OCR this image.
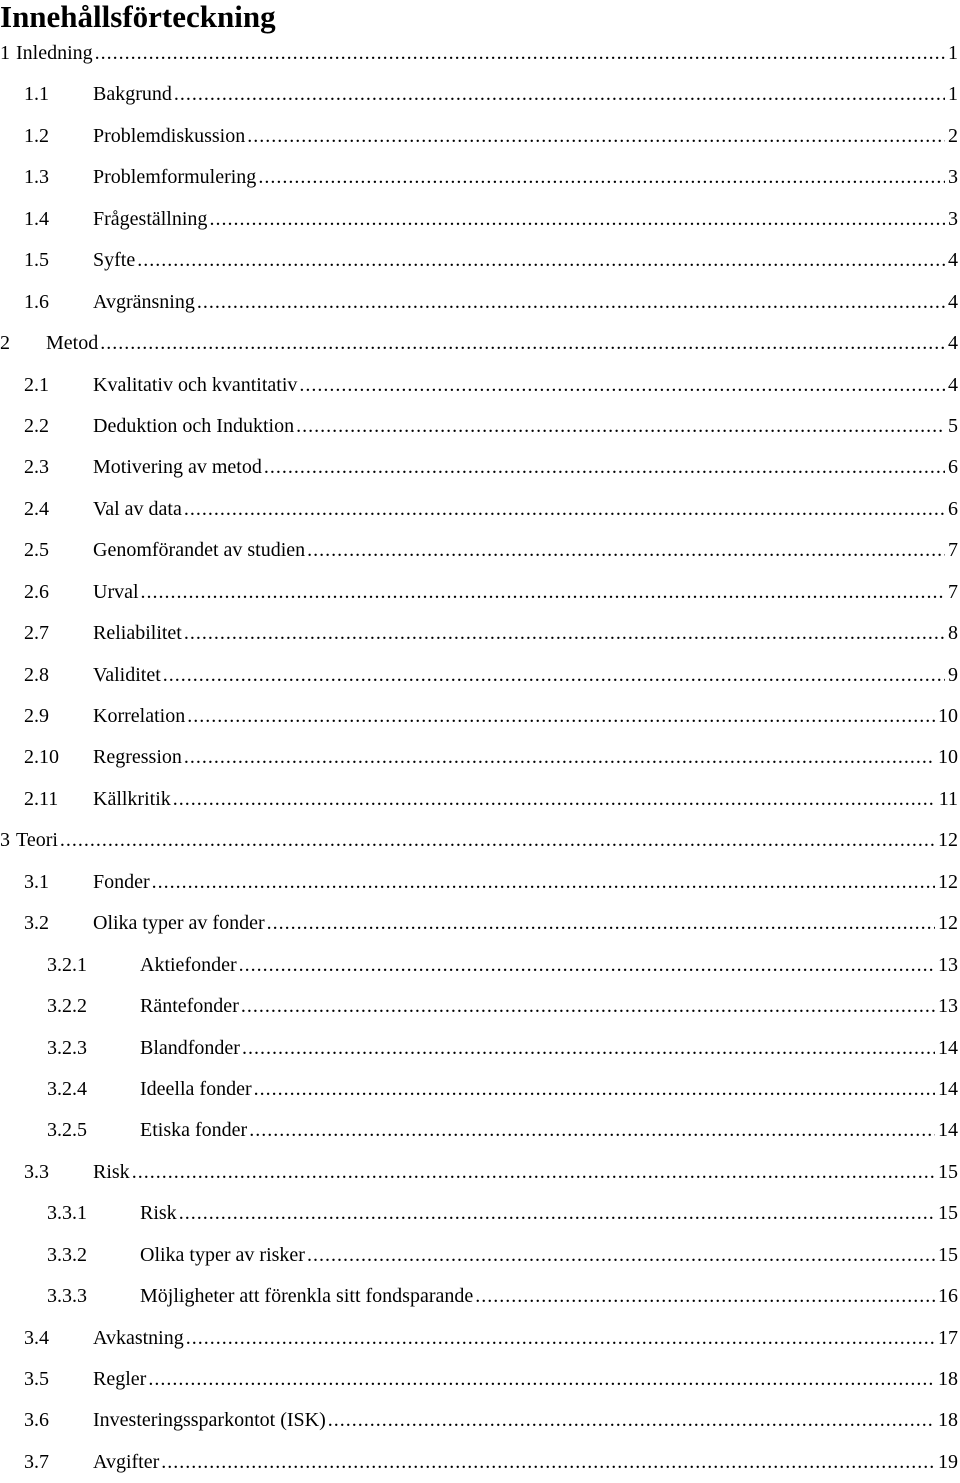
Innehållsförteckning
1 Inledning . . .	1
1.1	Bakgrund . . .	1
1.2	Problemdiskussion . . .	2
1.3	Problemformulering . . .	3
1.4	Frågeställning . . .	3
1.5	Syfte . . .	4
1.6	Avgränsning . . .	4
2	Metod . . .	4
2.1	Kvalitativ och kvantitativ . . .	4
2.2	Deduktion och Induktion . . .	5
2.3	Motivering av metod . . .	6
2.4	Val av data . . .	6
2.5	Genomförandet av studien . . .	7
2.6	Urval . . .	7
2.7	Reliabilitet . . .	8
2.8	Validitet . . .	9
2.9	Korrelation . . .	10
2.10	Regression . . .	10
2.11	Källkritik . . .	11
3 Teori . . .	12
3.1	Fonder . . .	12
3.2	Olika typer av fonder . . .	12
3.2.1	Aktiefonder . . .	13
3.2.2	Räntefonder . . .	13
3.2.3	Blandfonder . . .	14
3.2.4	Ideella fonder . . .	14
3.2.5	Etiska fonder . . .	14
3.3	Risk . . .	15
3.3.1	Risk . . .	15
3.3.2	Olika typer av risker . . .	15
3.3.3	Möjligheter att förenkla sitt fondsparande . . .	16
3.4	Avkastning . . .	17
3.5	Regler . . .	18
3.6	Investeringssparkontot (ISK) . . .	18
3.7	Avgifter . . .	19
